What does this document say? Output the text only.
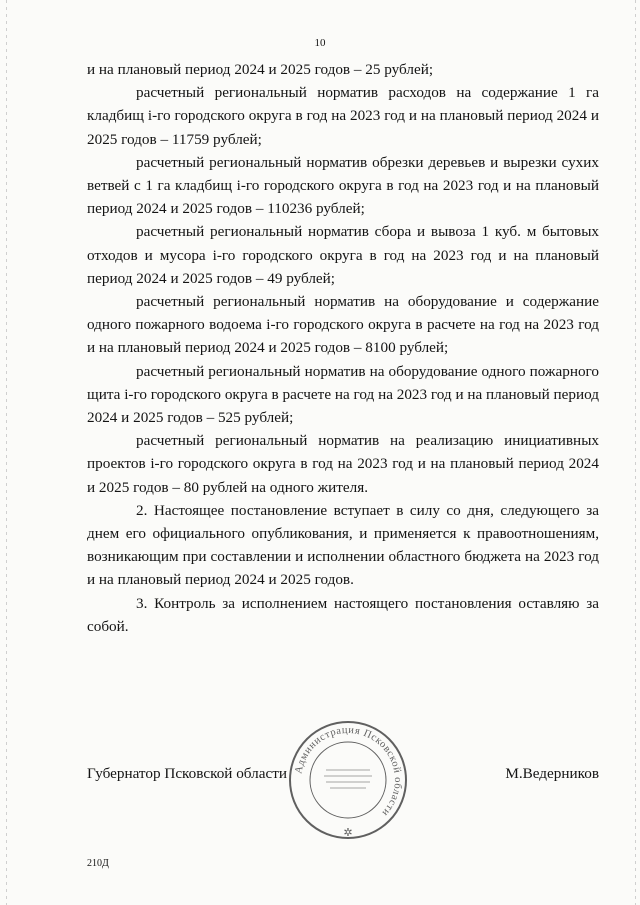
10

и на плановый период 2024 и 2025 годов – 25 рублей;

расчетный региональный норматив расходов на содержание 1 га кладбищ i-го городского округа в год на 2023 год и на плановый период 2024 и 2025 годов – 11759 рублей;

расчетный региональный норматив обрезки деревьев и вырезки сухих ветвей с 1 га кладбищ i-го городского округа в год на 2023 год и на плановый период 2024 и 2025 годов – 110236 рублей;

расчетный региональный норматив сбора и вывоза 1 куб. м бытовых отходов и мусора i-го городского округа в год на 2023 год и на плановый период 2024 и 2025 годов – 49 рублей;

расчетный региональный норматив на оборудование и содержание одного пожарного водоема i-го городского округа в расчете на год на 2023 год и на плановый период 2024 и 2025 годов – 8100 рублей;

расчетный региональный норматив на оборудование одного пожарного щита i-го городского округа в расчете на год на 2023 год и на плановый период 2024 и 2025 годов – 525 рублей;

расчетный региональный норматив на реализацию инициативных проектов i-го городского округа в год на 2023 год и на плановый период 2024 и 2025 годов – 80 рублей на одного жителя.

2. Настоящее постановление вступает в силу со дня, следующего за днем его официального опубликования, и применяется к правоотношениям, возникающим при составлении и исполнении областного бюджета на 2023 год и на плановый период 2024 и 2025 годов.

3. Контроль за исполнением настоящего постановления оставляю за собой.

Губернатор Псковской области	М.Ведерников
Администрация Псковской области
✲
210Д
